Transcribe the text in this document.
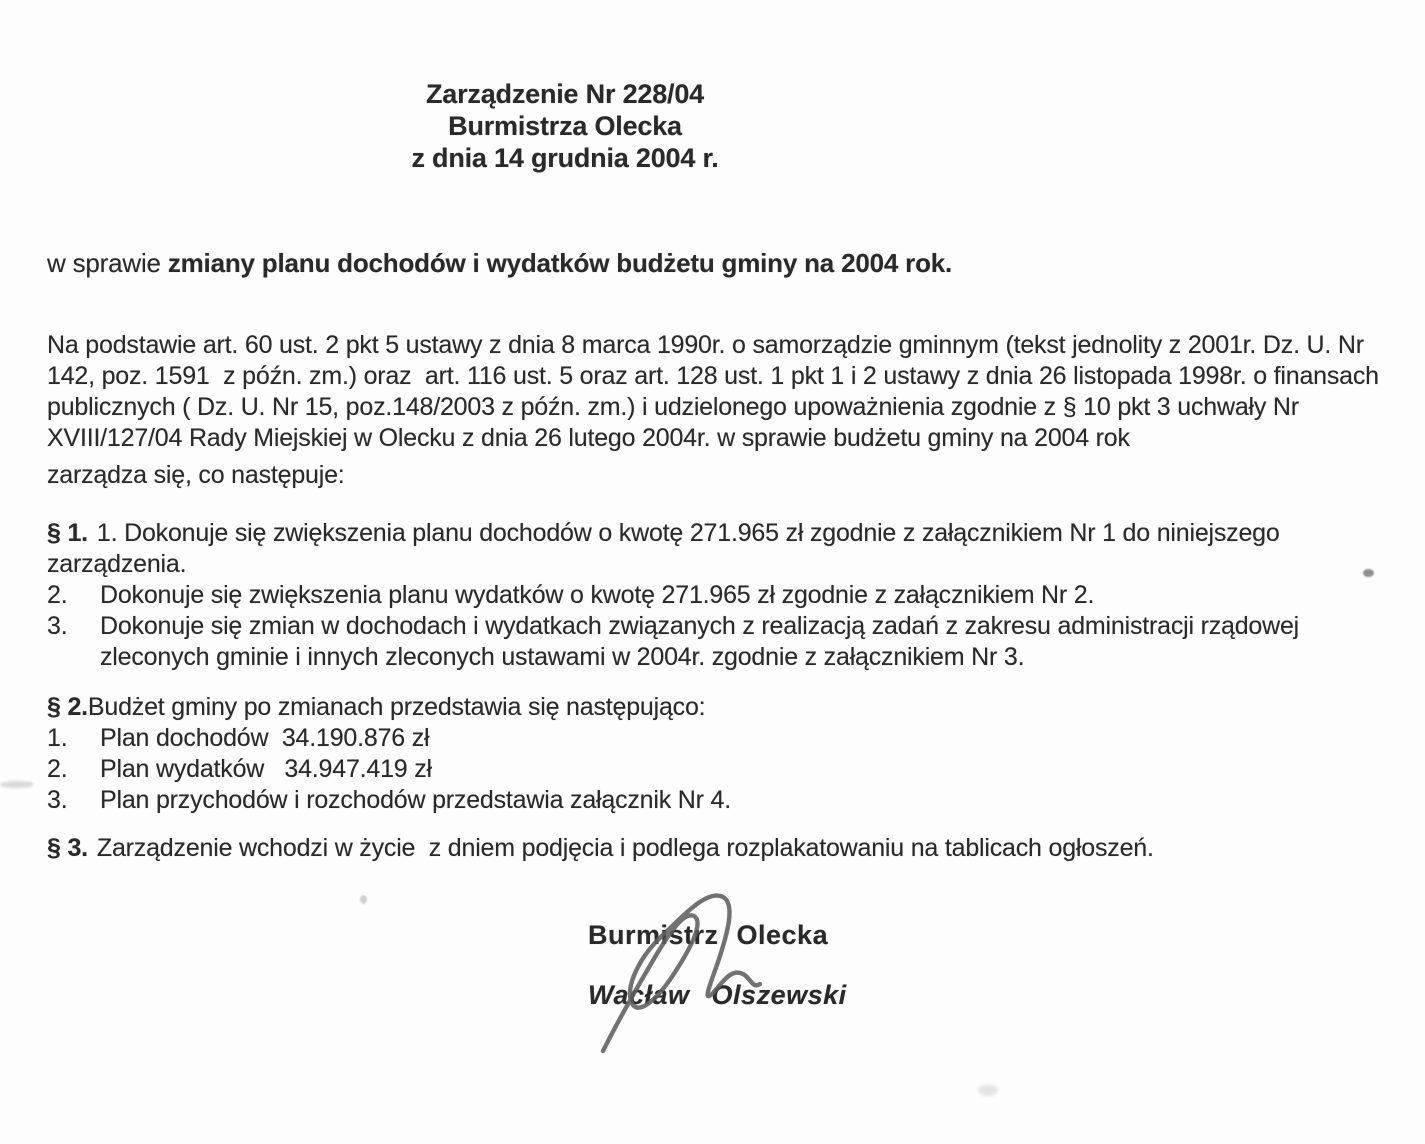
Zarządzenie Nr 228/04
Burmistrza Olecka
z dnia 14 grudnia 2004 r.
w sprawie zmiany planu dochodów i wydatków budżetu gminy na 2004 rok.
Na podstawie art. 60 ust. 2 pkt 5 ustawy z dnia 8 marca 1990r. o samorządzie gminnym (tekst jednolity z 2001r. Dz. U. Nr 142, poz. 1591  z późn. zm.) oraz  art. 116 ust. 5 oraz art. 128 ust. 1 pkt 1 i 2 ustawy z dnia 26 listopada 1998r. o finansach publicznych ( Dz. U. Nr 15, poz.148/2003 z późn. zm.) i udzielonego upoważnienia zgodnie z § 10 pkt 3 uchwały Nr XVIII/127/04 Rady Miejskiej w Olecku z dnia 26 lutego 2004r. w sprawie budżetu gminy na 2004 rok
zarządza się, co następuje:
§ 1. 1. Dokonuje się zwiększenia planu dochodów o kwotę 271.965 zł zgodnie z załącznikiem Nr 1 do niniejszego zarządzenia.
2.	Dokonuje się zwiększenia planu wydatków o kwotę 271.965 zł zgodnie z załącznikiem Nr 2.
3.	Dokonuje się zmian w dochodach i wydatkach związanych z realizacją zadań z zakresu administracji rządowej zleconych gminie i innych zleconych ustawami w 2004r. zgodnie z załącznikiem Nr 3.
§ 2.Budżet gminy po zmianach przedstawia się następująco:
1.	Plan dochodów  34.190.876 zł
2.	Plan wydatków   34.947.419 zł
3.	Plan przychodów i rozchodów przedstawia załącznik Nr 4.
§ 3. Zarządzenie wchodzi w życie  z dniem podjęcia i podlega rozplakatowaniu na tablicach ogłoszeń.
Burmistrz Olecka
Wacław Olszewski
